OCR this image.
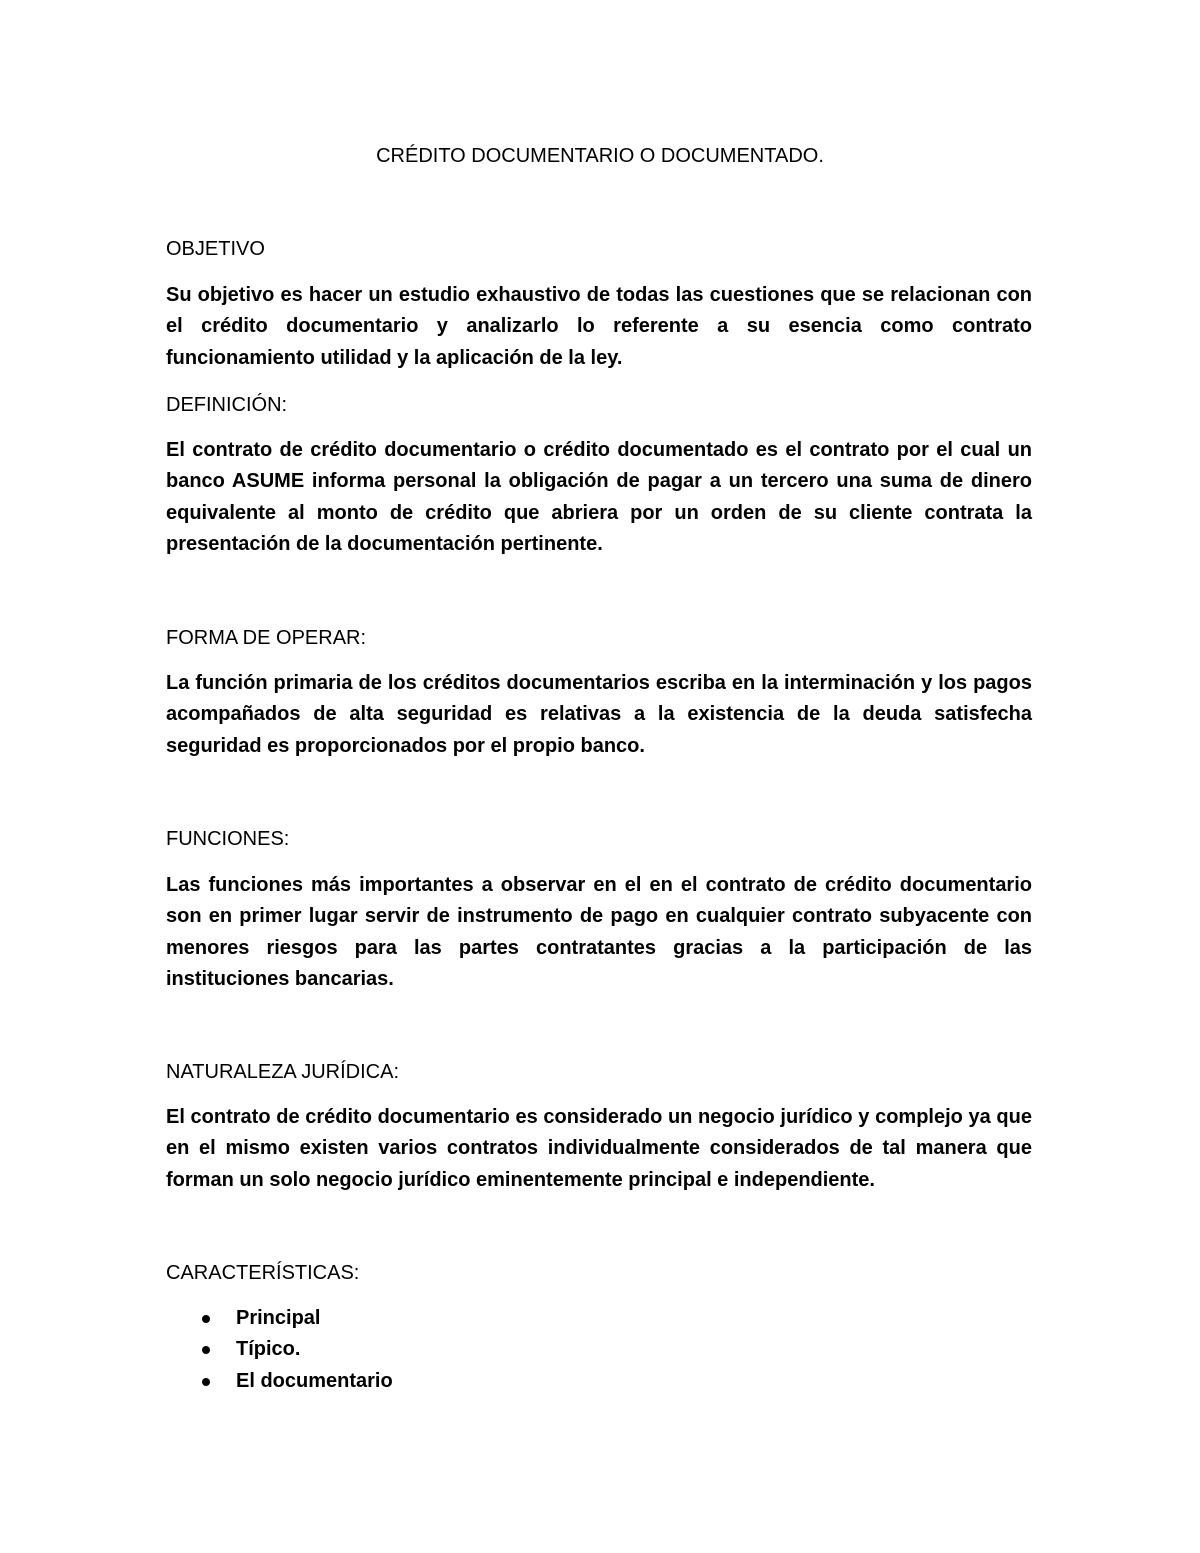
CRÉDITO DOCUMENTARIO O DOCUMENTADO.
OBJETIVO

Su objetivo es hacer un estudio exhaustivo de todas las cuestiones que se relacionan con el crédito documentario y analizarlo lo referente a su esencia como contrato funcionamiento utilidad y la aplicación de la ley.

DEFINICIÓN:

El contrato de crédito documentario o crédito documentado es el contrato por el cual un banco ASUME informa personal la obligación de pagar a un tercero una suma de dinero equivalente al monto de crédito que abriera por un orden de su cliente contrata la presentación de la documentación pertinente.

FORMA DE OPERAR:

La función primaria de los créditos documentarios escriba en la interminación y los pagos acompañados de alta seguridad es relativas a la existencia de la deuda satisfecha seguridad es proporcionados por el propio banco.

FUNCIONES:

Las funciones más importantes a observar en el en el contrato de crédito documentario son en primer lugar servir de instrumento de pago en cualquier contrato subyacente con menores riesgos para las partes contratantes gracias a la participación de las instituciones bancarias.

NATURALEZA JURÍDICA:

El contrato de crédito documentario es considerado un negocio jurídico y complejo ya que en el mismo existen varios contratos individualmente considerados de tal manera que forman un solo negocio jurídico eminentemente principal e independiente.

CARACTERÍSTICAS:
Principal
Típico.
El documentario
